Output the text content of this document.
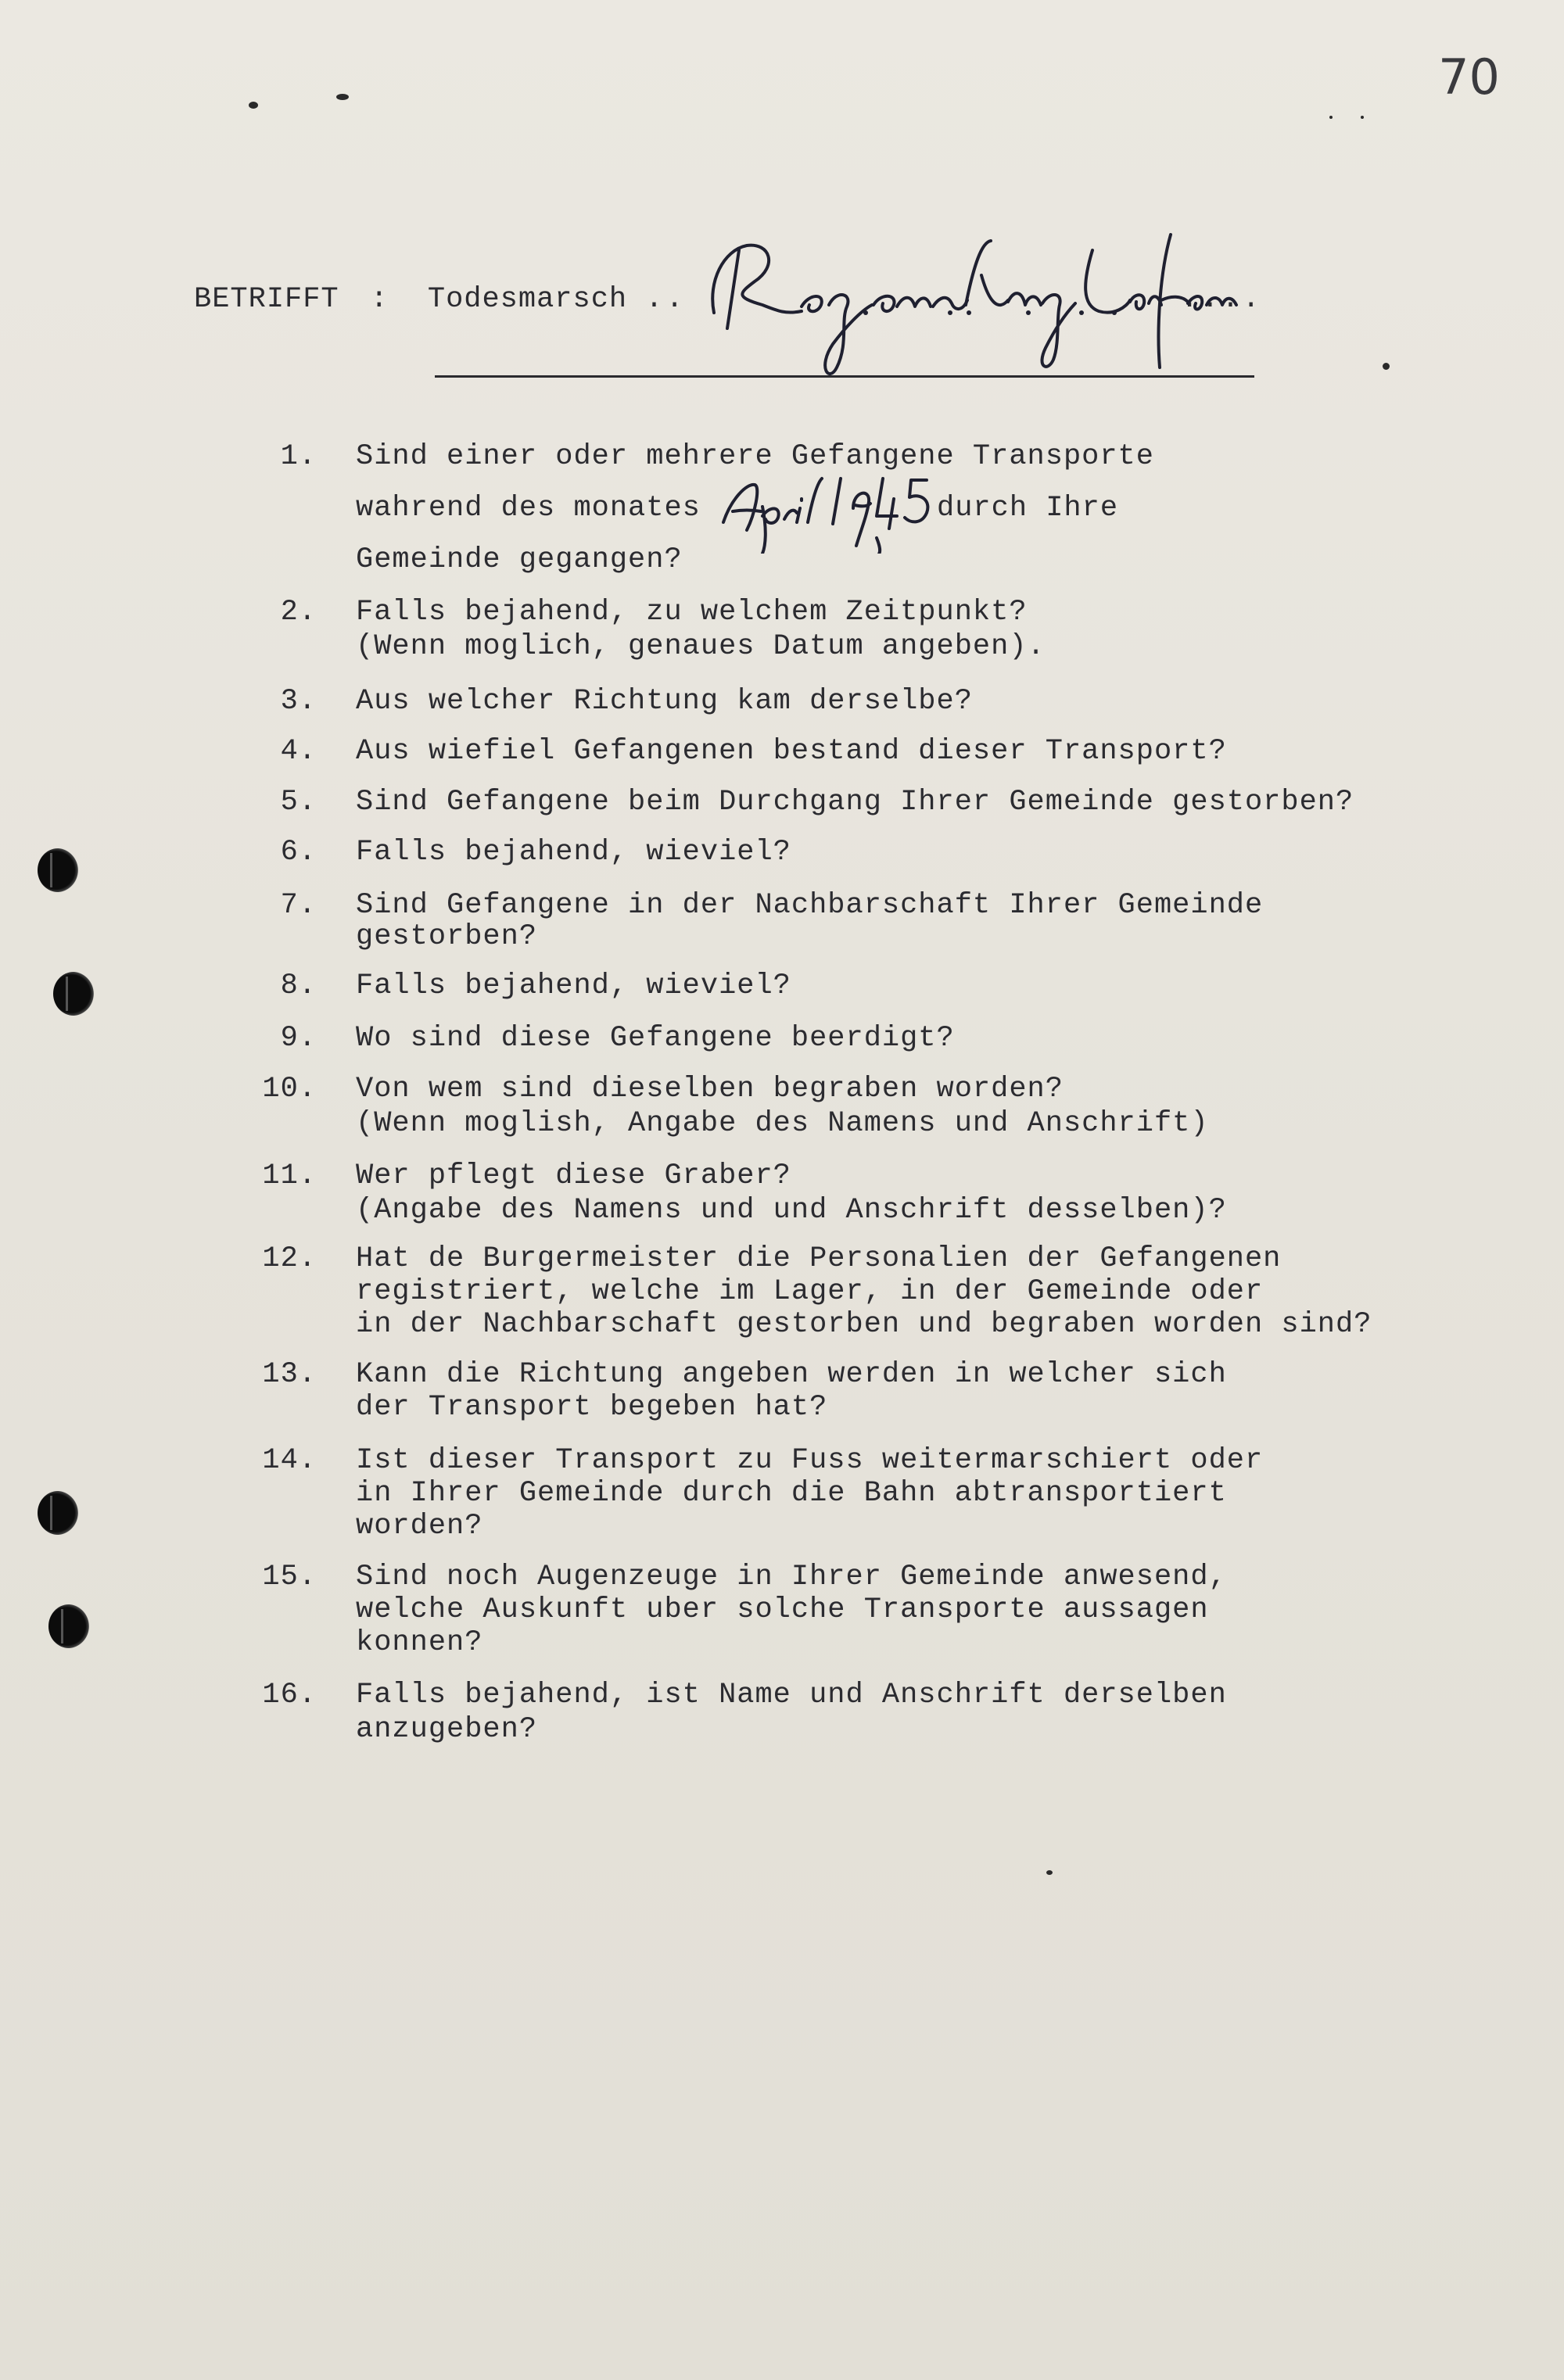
70
BETRIFFT : Todesmarsch ..	....
1. Sind einer oder mehrere Gefangene Transporte
wahrend des monates	durch Ihre
Gemeinde gegangen?
2. Falls bejahend, zu welchem Zeitpunkt?
(Wenn moglich, genaues Datum angeben).
3. Aus welcher Richtung kam derselbe?
4. Aus wiefiel Gefangenen bestand dieser Transport?
5. Sind Gefangene beim Durchgang Ihrer Gemeinde gestorben?
6. Falls bejahend, wieviel?
7. Sind Gefangene in der Nachbarschaft Ihrer Gemeinde
gestorben?
8. Falls bejahend, wieviel?
9. Wo sind diese Gefangene beerdigt?
10. Von wem sind dieselben begraben worden?
(Wenn moglish, Angabe des Namens und Anschrift)
11. Wer pflegt diese Graber?
(Angabe des Namens und und Anschrift desselben)?
12. Hat de Burgermeister die Personalien der Gefangenen
registriert, welche im Lager, in der Gemeinde oder
in der Nachbarschaft gestorben und begraben worden sind?
13. Kann die Richtung angeben werden in welcher sich
der Transport begeben hat?
14. Ist dieser Transport zu Fuss weitermarschiert oder
in Ihrer Gemeinde durch die Bahn abtransportiert
worden?
15. Sind noch Augenzeuge in Ihrer Gemeinde anwesend,
welche Auskunft uber solche Transporte aussagen
konnen?
16. Falls bejahend, ist Name und Anschrift derselben
anzugeben?
